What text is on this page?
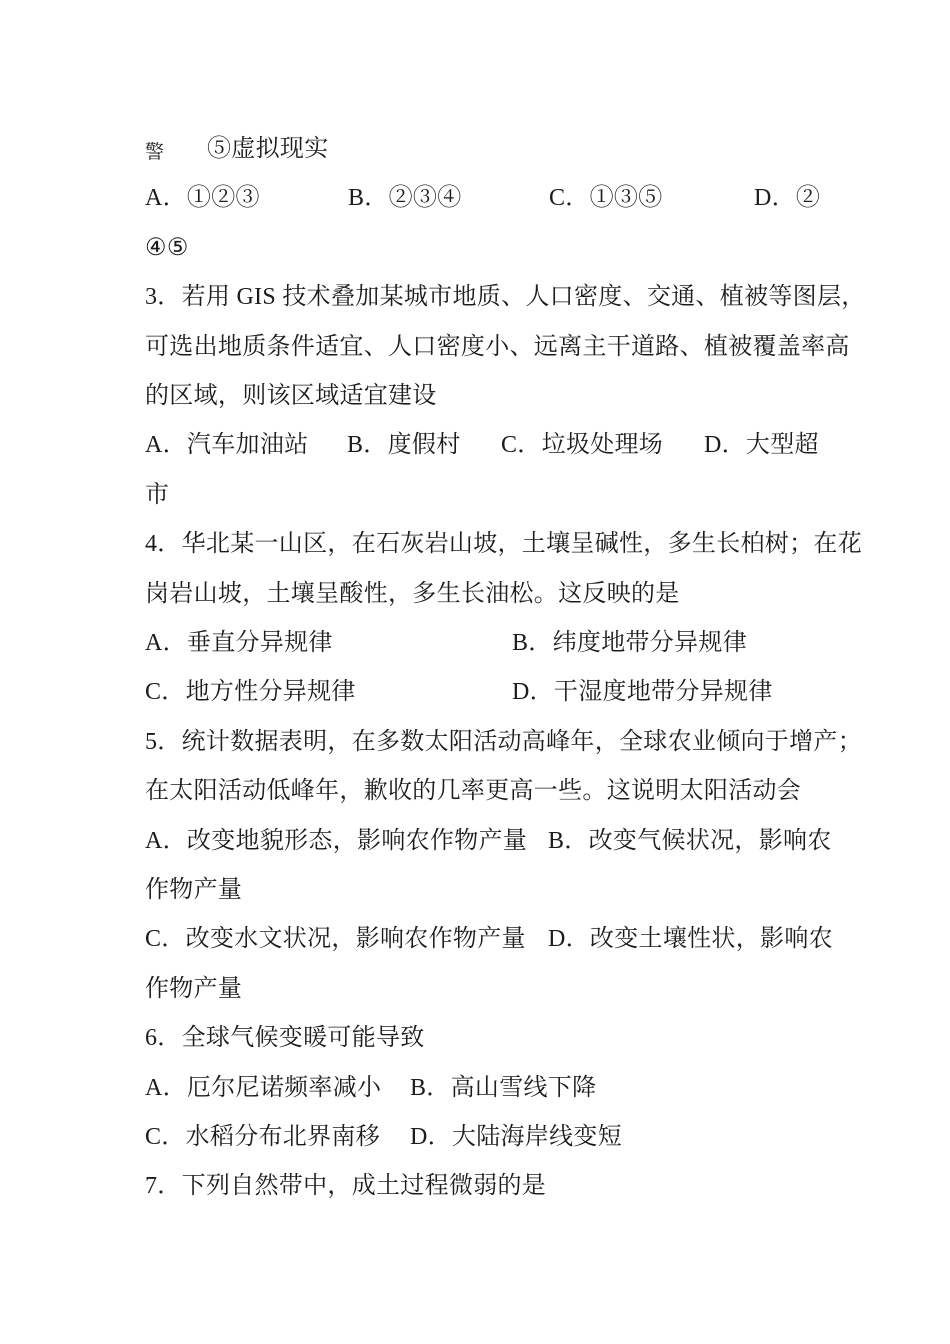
警 ⑤虚拟现实
A．①②③	B．②③④	C．①③⑤	D．②
④⑤
3．若用 GIS 技术叠加某城市地质、人口密度、交通、植被等图层，
可选出地质条件适宜、人口密度小、远离主干道路、植被覆盖率高
的区域，则该区域适宜建设
A．汽车加油站 B．度假村 C．垃圾处理场 D．大型超
市
4．华北某一山区，在石灰岩山坡，土壤呈碱性，多生长柏树；在花
岗岩山坡，土壤呈酸性，多生长油松。这反映的是
A．垂直分异规律	B．纬度地带分异规律
C．地方性分异规律	D．干湿度地带分异规律
5．统计数据表明，在多数太阳活动高峰年，全球农业倾向于增产；
在太阳活动低峰年，歉收的几率更高一些。这说明太阳活动会
A．改变地貌形态，影响农作物产量 B．改变气候状况，影响农
作物产量
C．改变水文状况，影响农作物产量 D．改变土壤性状，影响农
作物产量
6．全球气候变暖可能导致
A．厄尔尼诺频率减小 B．高山雪线下降
C．水稻分布北界南移 D．大陆海岸线变短
7．下列自然带中，成土过程微弱的是
